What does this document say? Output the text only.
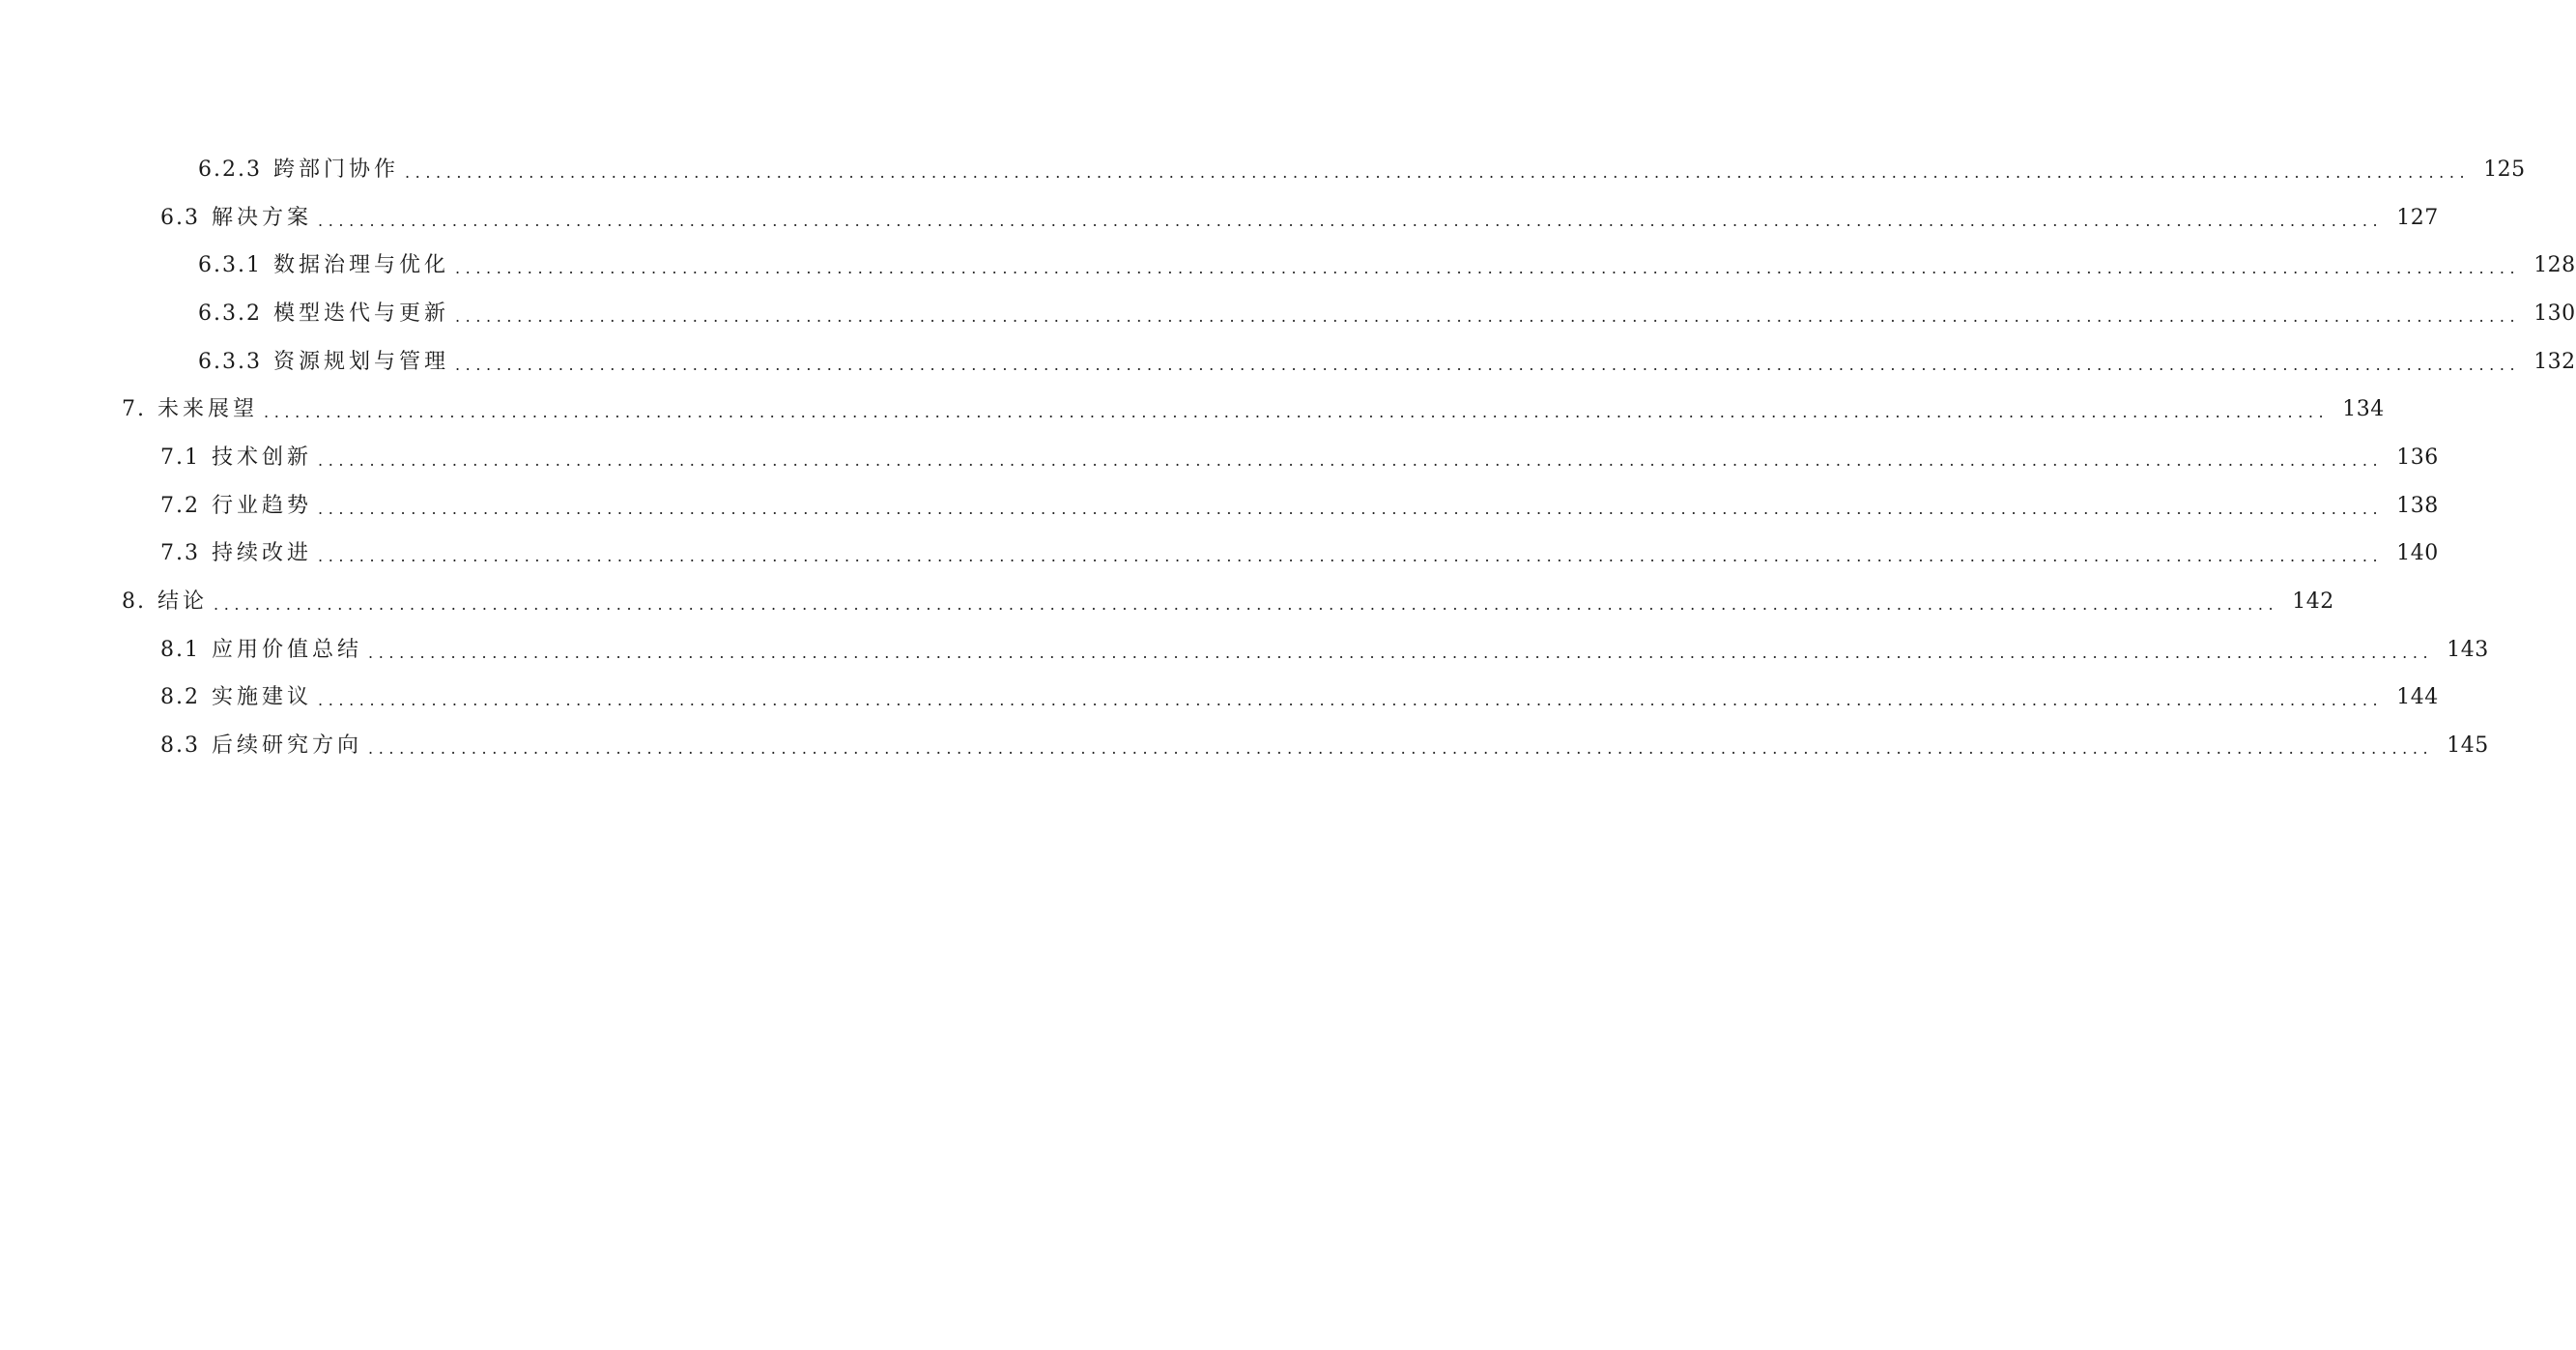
6.2.3 跨部门协作 ........................................................................................................................................................................................................ 125
6.3 解决方案 ........................................................................................................................................................................................................ 127
6.3.1 数据治理与优化 ........................................................................................................................................................................................................ 128
6.3.2 模型迭代与更新 ........................................................................................................................................................................................................ 130
6.3.3 资源规划与管理 ........................................................................................................................................................................................................ 132
7. 未来展望 ........................................................................................................................................................................................................ 134
7.1 技术创新 ........................................................................................................................................................................................................ 136
7.2 行业趋势 ........................................................................................................................................................................................................ 138
7.3 持续改进 ........................................................................................................................................................................................................ 140
8. 结论 ........................................................................................................................................................................................................ 142
8.1 应用价值总结 ........................................................................................................................................................................................................ 143
8.2 实施建议 ........................................................................................................................................................................................................ 144
8.3 后续研究方向 ........................................................................................................................................................................................................ 145
